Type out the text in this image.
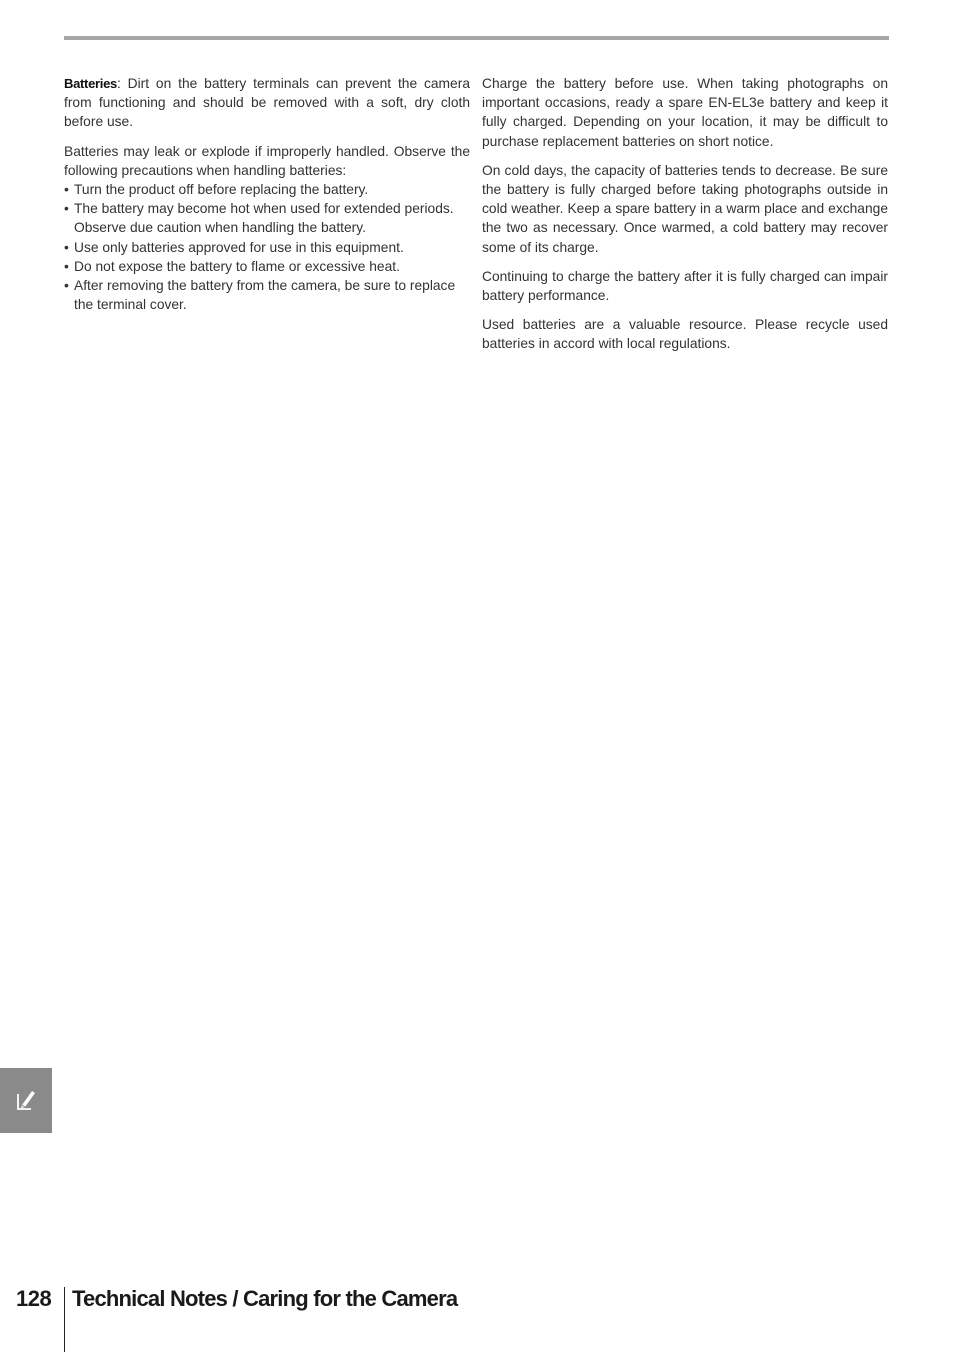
Batteries: Dirt on the battery terminals can prevent the camera from functioning and should be removed with a soft, dry cloth before use.

Batteries may leak or explode if improperly handled. Observe the following precautions when handling batteries:

• Turn the product off before replacing the battery.
• The battery may become hot when used for extended periods. Observe due caution when handling the battery.
• Use only batteries approved for use in this equipment.
• Do not expose the battery to flame or excessive heat.
• After removing the battery from the camera, be sure to replace the terminal cover.

Charge the battery before use. When taking photographs on important occasions, ready a spare EN-EL3e battery and keep it fully charged. Depending on your location, it may be difficult to purchase replacement batteries on short notice.

On cold days, the capacity of batteries tends to decrease. Be sure the battery is fully charged before taking photographs outside in cold weather. Keep a spare battery in a warm place and exchange the two as necessary. Once warmed, a cold battery may recover some of its charge.

Continuing to charge the battery after it is fully charged can impair battery performance.

Used batteries are a valuable resource. Please recycle used batteries in accord with local regulations.

128 Technical Notes / Caring for the Camera
